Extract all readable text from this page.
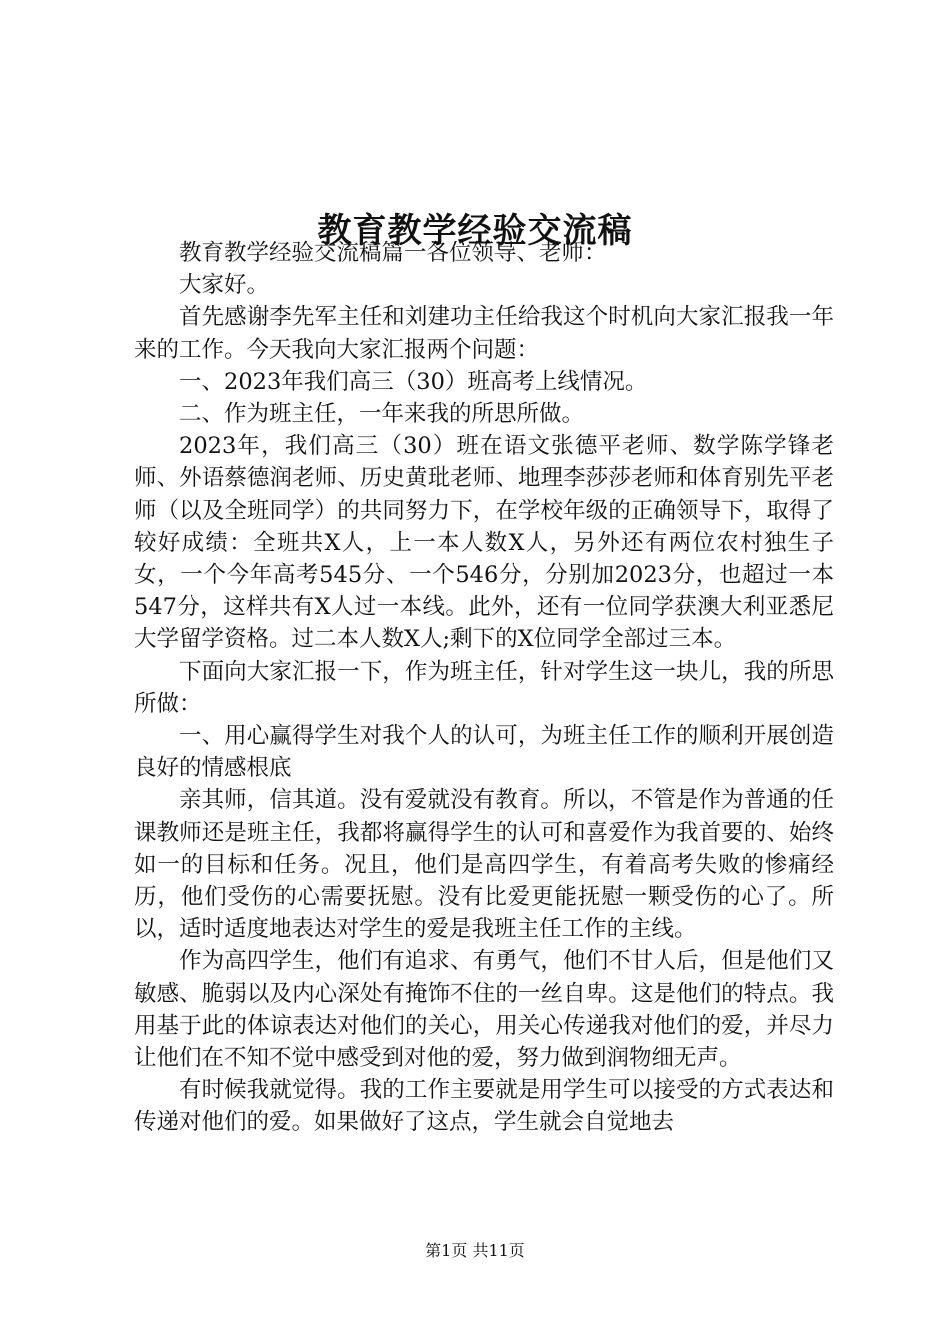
教育教学经验交流稿

教育教学经验交流稿篇一各位领导、老师：

大家好。

首先感谢李先军主任和刘建功主任给我这个时机向大家汇报我一年来的工作。今天我向大家汇报两个问题：

一、2023年我们高三（30）班高考上线情况。

二、作为班主任，一年来我的所思所做。

2023年，我们高三（30）班在语文张德平老师、数学陈学锋老师、外语蔡德润老师、历史黄玭老师、地理李莎莎老师和体育别先平老师（以及全班同学）的共同努力下，在学校年级的正确领导下，取得了较好成绩：全班共X人，上一本人数X人，另外还有两位农村独生子女，一个今年高考545分、一个546分，分别加2023分，也超过一本547分，这样共有X人过一本线。此外，还有一位同学获澳大利亚悉尼大学留学资格。过二本人数X人;剩下的X位同学全部过三本。

下面向大家汇报一下，作为班主任，针对学生这一块儿，我的所思所做：

一、用心赢得学生对我个人的认可，为班主任工作的顺利开展创造良好的情感根底

亲其师，信其道。没有爱就没有教育。所以，不管是作为普通的任课教师还是班主任，我都将赢得学生的认可和喜爱作为我首要的、始终如一的目标和任务。况且，他们是高四学生，有着高考失败的惨痛经历，他们受伤的心需要抚慰。没有比爱更能抚慰一颗受伤的心了。所以，适时适度地表达对学生的爱是我班主任工作的主线。

作为高四学生，他们有追求、有勇气，他们不甘人后，但是他们又敏感、脆弱以及内心深处有掩饰不住的一丝自卑。这是他们的特点。我用基于此的体谅表达对他们的关心，用关心传递我对他们的爱，并尽力让他们在不知不觉中感受到对他的爱，努力做到润物细无声。

有时候我就觉得。我的工作主要就是用学生可以接受的方式表达和传递对他们的爱。如果做好了这点，学生就会自觉地去

第1页 共11页
